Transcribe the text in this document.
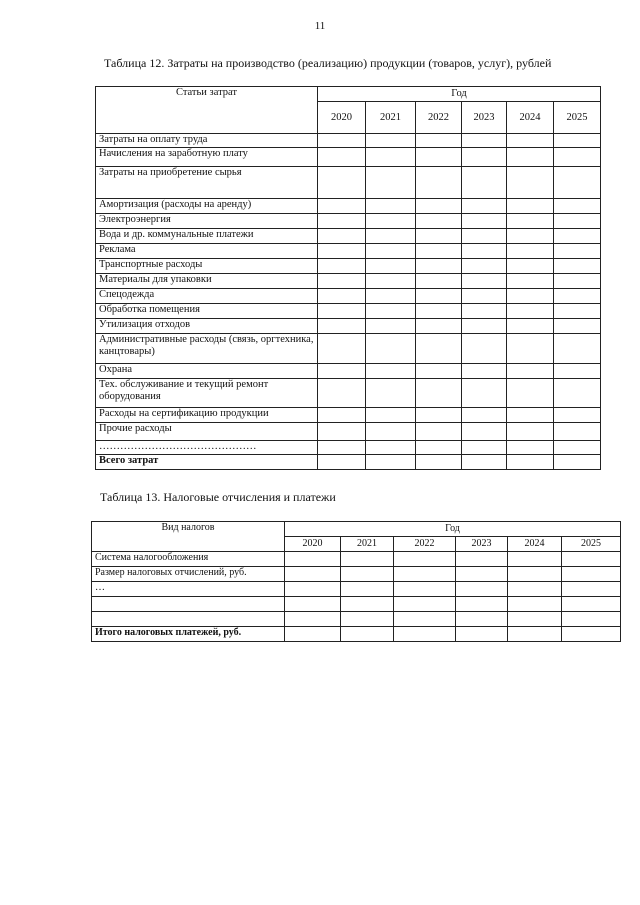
11
Таблица 12. Затраты на производство (реализацию) продукции (товаров, услуг), рублей
Статьи затрат	Год					
	2020	2021	2022	2023	2024	2025
Затраты на оплату труда						
Начисления на заработную плату						
Затраты на приобретение сырья						
Амортизация (расходы на аренду)						
Электроэнергия						
Вода и др. коммунальные платежи						
Реклама						
Транспортные расходы						
Материалы для упаковки						
Спецодежда						
Обработка помещения						
Утилизация отходов						
Административные расходы (связь, оргтехника, канцтовары)						
Охрана						
Тех. обслуживание и текущий ремонт оборудования						
Расходы на сертификацию продукции						
Прочие расходы						
………………………………………						
Всего затрат						
Таблица 13. Налоговые отчисления и платежи
Вид налогов	Год					
	2020	2021	2022	2023	2024	2025
Система налогообложения						
Размер налоговых отчислений, руб.						
…						

Итого налоговых платежей, руб.						
